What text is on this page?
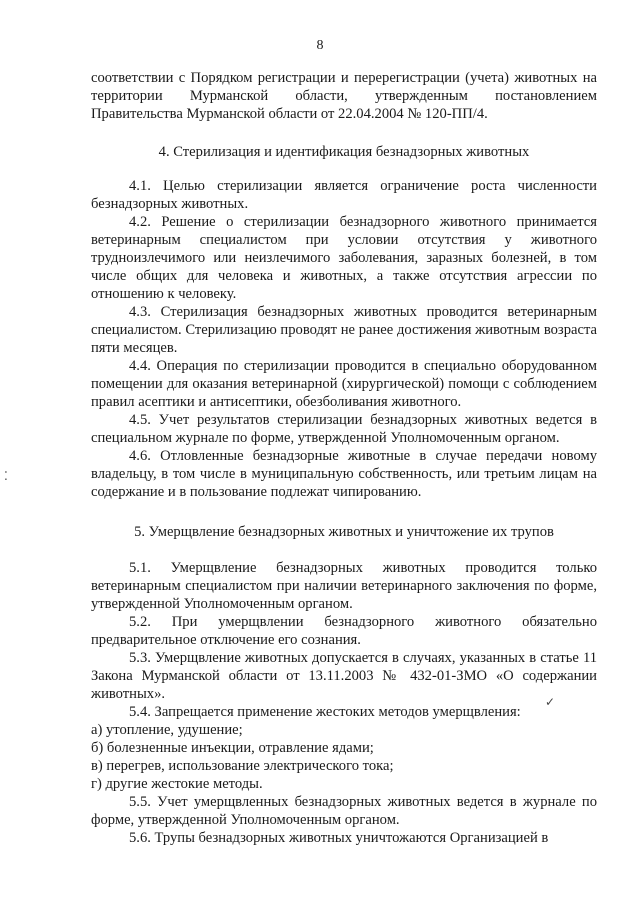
8

соответствии с Порядком регистрации и перерегистрации (учета) животных на территории Мурманской области, утвержденным постановлением Правительства Мурманской области от 22.04.2004 № 120-ПП/4.

4. Стерилизация и идентификация безнадзорных животных

4.1. Целью стерилизации является ограничение роста численности безнадзорных животных.

4.2. Решение о стерилизации безнадзорного животного принимается ветеринарным специалистом при условии отсутствия у животного трудноизлечимого или неизлечимого заболевания, заразных болезней, в том числе общих для человека и животных, а также отсутствия агрессии по отношению к человеку.

4.3. Стерилизация безнадзорных животных проводится ветеринарным специалистом. Стерилизацию проводят не ранее достижения животным возраста пяти месяцев.

4.4. Операция по стерилизации проводится в специально оборудованном помещении для оказания ветеринарной (хирургической) помощи с соблюдением правил асептики и антисептики, обезболивания животного.

4.5. Учет результатов стерилизации безнадзорных животных ведется в специальном журнале по форме, утвержденной Уполномоченным органом.

4.6. Отловленные безнадзорные животные в случае передачи новому владельцу, в том числе в муниципальную собственность, или третьим лицам на содержание и в пользование подлежат чипированию.

5. Умерщвление безнадзорных животных и уничтожение их трупов

5.1. Умерщвление безнадзорных животных проводится только ветеринарным специалистом при наличии ветеринарного заключения по форме, утвержденной Уполномоченным органом.

5.2. При умерщвлении безнадзорного животного обязательно предварительное отключение его сознания.

5.3. Умерщвление животных допускается в случаях, указанных в статье 11 Закона Мурманской области от 13.11.2003 № 432-01-ЗМО «О содержании животных».

5.4. Запрещается применение жестоких методов умерщвления:

а) утопление, удушение;

б) болезненные инъекции, отравление ядами;

в) перегрев, использование электрического тока;

г) другие жестокие методы.

5.5. Учет умерщвленных безнадзорных животных ведется в журнале по форме, утвержденной Уполномоченным органом.

5.6. Трупы безнадзорных животных уничтожаются Организацией в

⁚
✓
